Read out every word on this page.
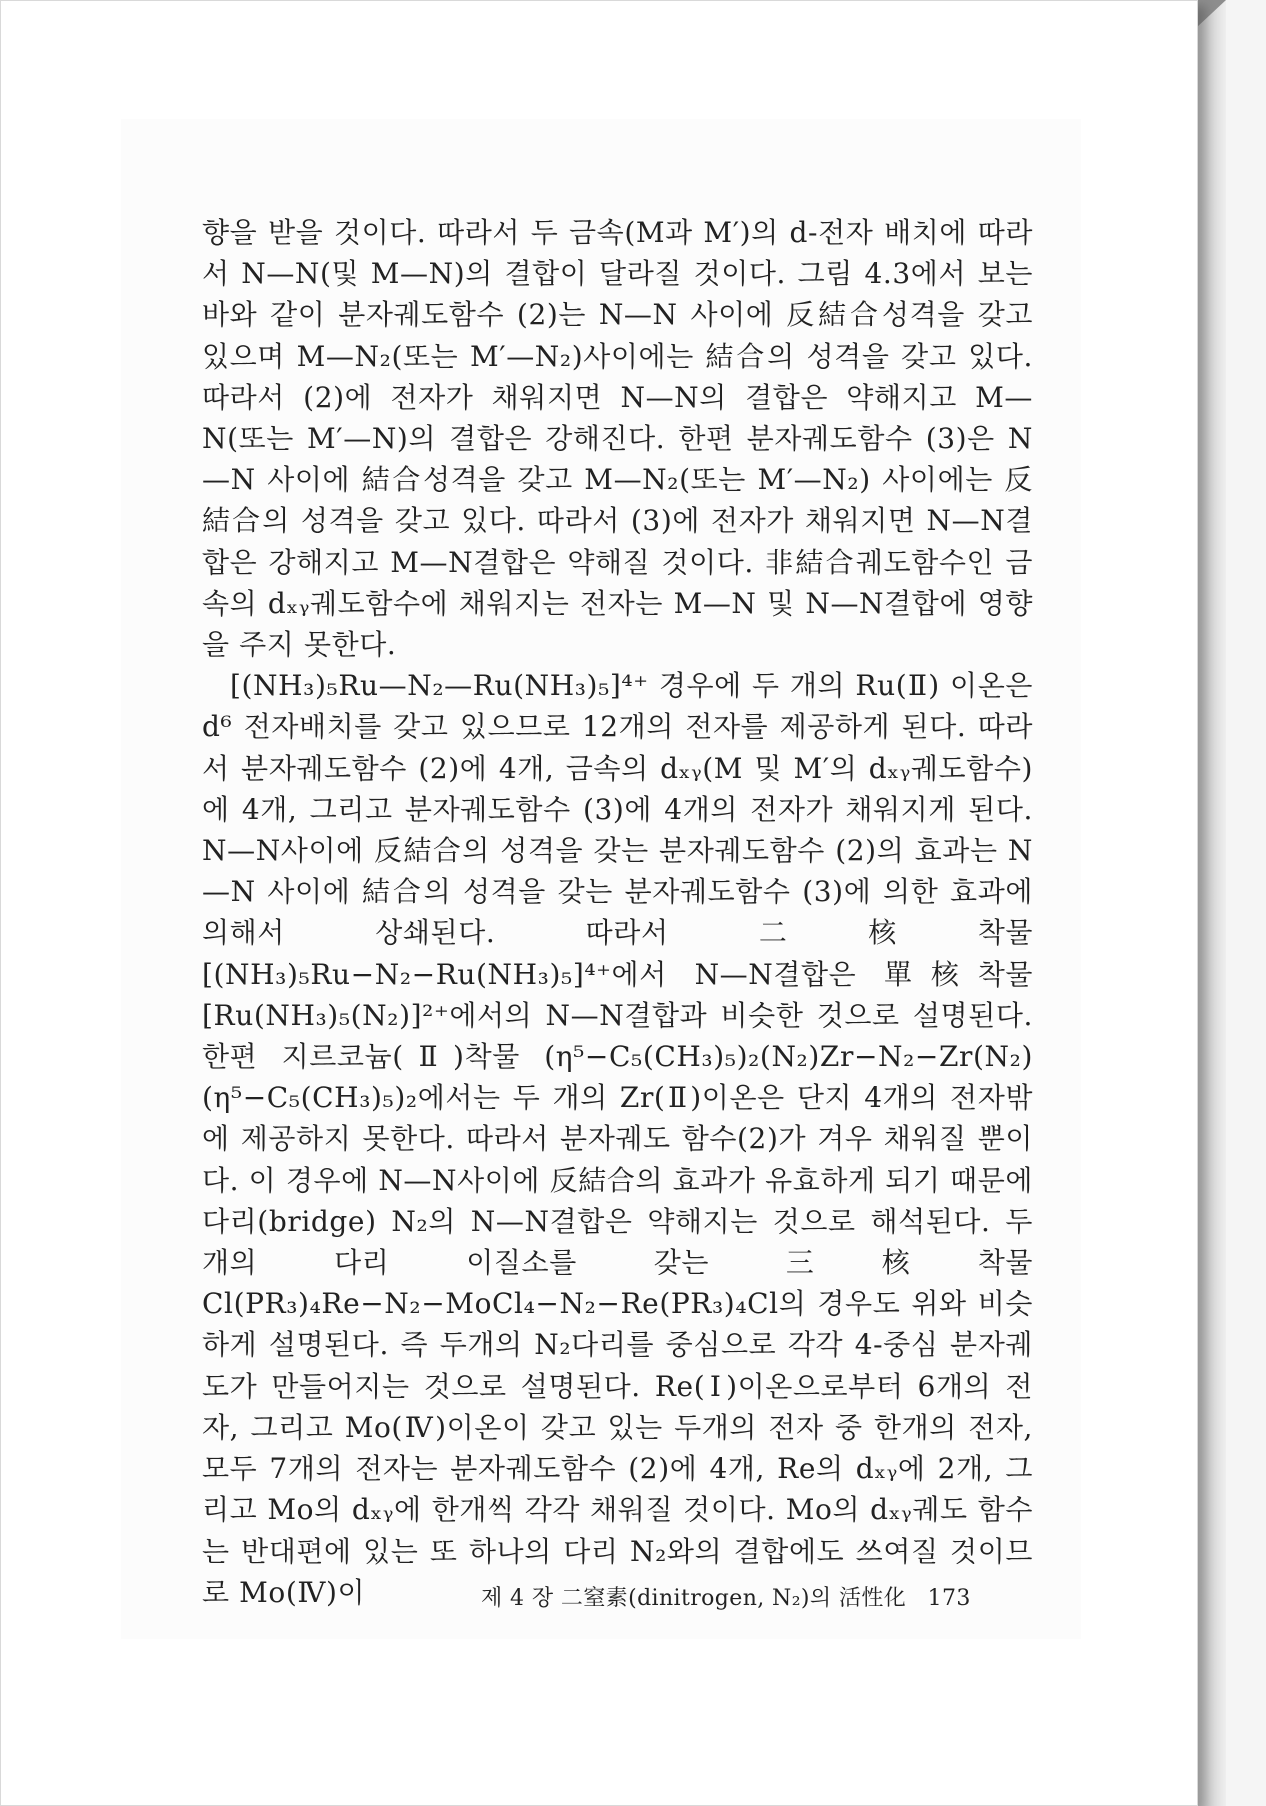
향을 받을 것이다. 따라서 두 금속(M과 M′)의 d-전자 배치에 따라서 N—N(및 M—N)의 결합이 달라질 것이다. 그림 4.3에서 보는 바와 같이 분자궤도함수 (2)는 N—N 사이에 反結合성격을 갖고 있으며 M—N₂(또는 M′—N₂)사이에는 結合의 성격을 갖고 있다. 따라서 (2)에 전자가 채워지면 N—N의 결합은 약해지고 M—N(또는 M′—N)의 결합은 강해진다. 한편 분자궤도함수 (3)은 N—N 사이에 結合성격을 갖고 M—N₂(또는 M′—N₂) 사이에는 反結合의 성격을 갖고 있다. 따라서 (3)에 전자가 채워지면 N—N결합은 강해지고 M—N결합은 약해질 것이다. 非結合궤도함수인 금속의 dₓᵧ궤도함수에 채워지는 전자는 M—N 및 N—N결합에 영향을 주지 못한다.

[(NH₃)₅Ru—N₂—Ru(NH₃)₅]⁴⁺ 경우에 두 개의 Ru(Ⅱ) 이온은 d⁶ 전자배치를 갖고 있으므로 12개의 전자를 제공하게 된다. 따라서 분자궤도함수 (2)에 4개, 금속의 dₓᵧ(M 및 M′의 dₓᵧ궤도함수)에 4개, 그리고 분자궤도함수 (3)에 4개의 전자가 채워지게 된다. N—N사이에 反結合의 성격을 갖는 분자궤도함수 (2)의 효과는 N—N 사이에 結合의 성격을 갖는 분자궤도함수 (3)에 의한 효과에 의해서 상쇄된다. 따라서 二核착물 [(NH₃)₅Ru−N₂−Ru(NH₃)₅]⁴⁺에서 N—N결합은 單核착물 [Ru(NH₃)₅(N₂)]²⁺에서의 N—N결합과 비슷한 것으로 설명된다. 한편 지르코늄(Ⅱ)착물 (η⁵−C₅(CH₃)₅)₂(N₂)Zr−N₂−Zr(N₂)(η⁵−C₅(CH₃)₅)₂에서는 두 개의 Zr(Ⅱ)이온은 단지 4개의 전자밖에 제공하지 못한다. 따라서 분자궤도 함수(2)가 겨우 채워질 뿐이다. 이 경우에 N—N사이에 反結合의 효과가 유효하게 되기 때문에 다리(bridge) N₂의 N—N결합은 약해지는 것으로 해석된다. 두 개의 다리 이질소를 갖는 三核착물 Cl(PR₃)₄Re−N₂−MoCl₄−N₂−Re(PR₃)₄Cl의 경우도 위와 비슷하게 설명된다. 즉 두개의 N₂다리를 중심으로 각각 4-중심 분자궤도가 만들어지는 것으로 설명된다. Re(Ⅰ)이온으로부터 6개의 전자, 그리고 Mo(Ⅳ)이온이 갖고 있는 두개의 전자 중 한개의 전자, 모두 7개의 전자는 분자궤도함수 (2)에 4개, Re의 dₓᵧ에 2개, 그리고 Mo의 dₓᵧ에 한개씩 각각 채워질 것이다. Mo의 dₓᵧ궤도 함수는 반대편에 있는 또 하나의 다리 N₂와의 결합에도 쓰여질 것이므로 Mo(Ⅳ)이	제 4 장 二窒素(dinitrogen, N₂)의 活性化 173
